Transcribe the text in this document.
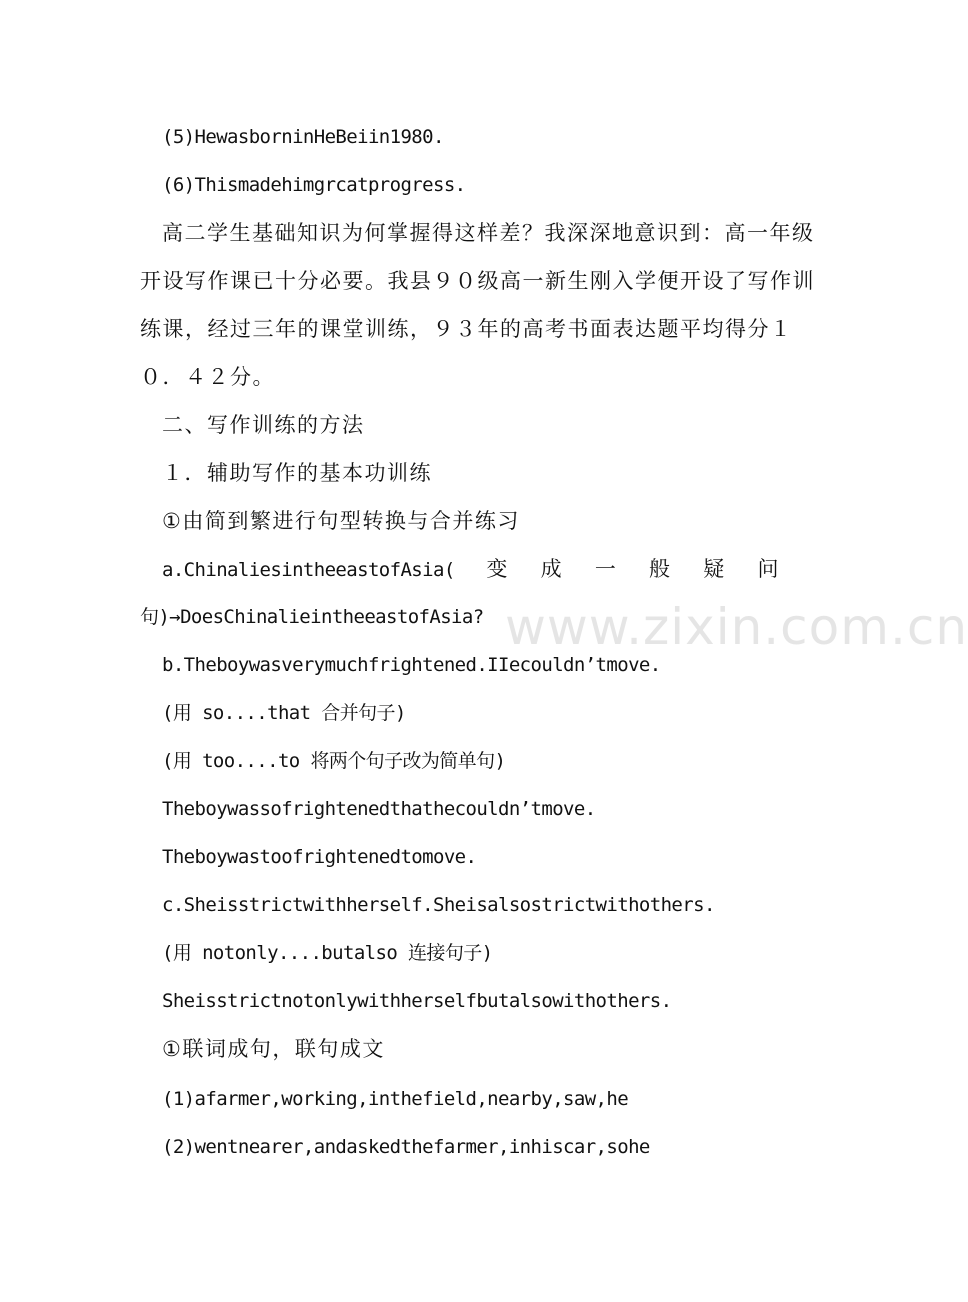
(5)HewasborninHeBeiin1980.
(6)Thismadehimgrcatprogress.
高二学生基础知识为何掌握得这样差？我深深地意识到：高一年级
开设写作课已十分必要。我县９０级高一新生刚入学便开设了写作训
练课，经过三年的课堂训练，９３年的高考书面表达题平均得分１
０．４２分。
二、写作训练的方法
１．辅助写作的基本功训练
①由简到繁进行句型转换与合并练习
a.ChinaliesintheeastofAsia( 变 成 一 般 疑 问
句)→DoesChinalieintheeastofAsia?
b.Theboywasverymuchfrightened.IIecouldn’tmove.
(用 so....that 合并句子)
(用 too....to 将两个句子改为简单句)
Theboywassofrightenedthathecouldn’tmove.
Theboywastoofrightenedtomove.
c.Sheisstrictwithherself.Sheisalsostrictwithothers.
(用 notonly....butalso 连接句子)
Sheisstrictnotonlywithherselfbutalsowithothers.
①联词成句，联句成文
(1)afarmer,working,inthefield,nearby,saw,he
(2)wentnearer,andaskedthefarmer,inhiscar,sohe
www.zixin.com.cn
